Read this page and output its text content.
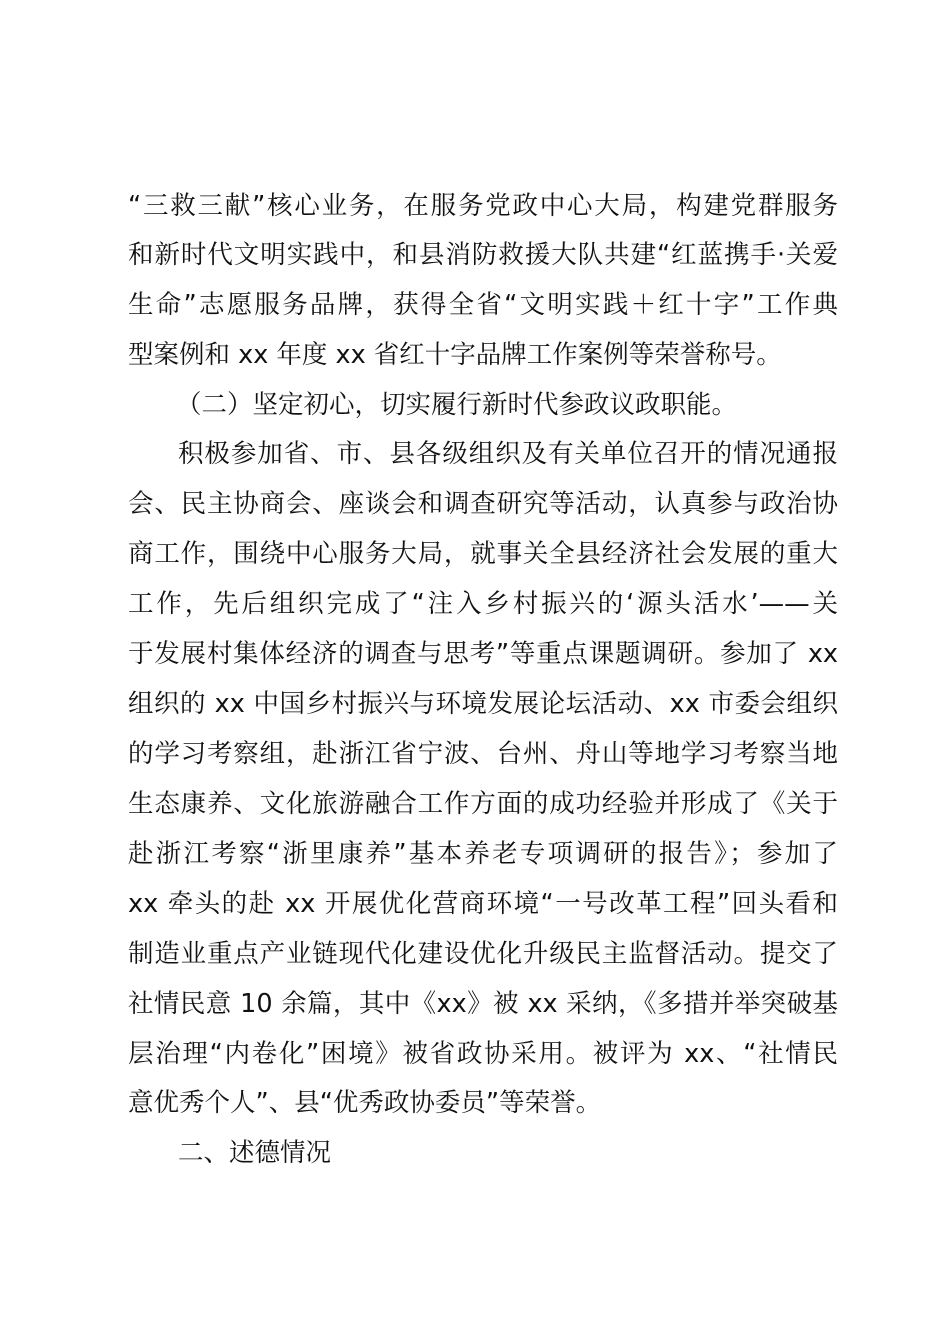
“三救三献”核心业务，在服务党政中心大局，构建党群服务
和新时代文明实践中，和县消防救援大队共建“红蓝携手·关爱
生命”志愿服务品牌，获得全省“文明实践＋红十字”工作典
型案例和 xx 年度 xx 省红十字品牌工作案例等荣誉称号。
（二）坚定初心，切实履行新时代参政议政职能。
积极参加省、市、县各级组织及有关单位召开的情况通报
会、民主协商会、座谈会和调查研究等活动，认真参与政治协
商工作，围绕中心服务大局，就事关全县经济社会发展的重大
工作，先后组织完成了“注入乡村振兴的‘源头活水’——关
于发展村集体经济的调查与思考”等重点课题调研。参加了 xx
组织的 xx 中国乡村振兴与环境发展论坛活动、xx 市委会组织
的学习考察组，赴浙江省宁波、台州、舟山等地学习考察当地
生态康养、文化旅游融合工作方面的成功经验并形成了《关于
赴浙江考察“浙里康养”基本养老专项调研的报告》；参加了
xx 牵头的赴 xx 开展优化营商环境“一号改革工程”回头看和
制造业重点产业链现代化建设优化升级民主监督活动。提交了
社情民意 10 余篇，其中《xx》被 xx 采纳，《多措并举突破基
层治理“内卷化”困境》被省政协采用。被评为 xx、“社情民
意优秀个人”、县“优秀政协委员”等荣誉。
二、述德情况
